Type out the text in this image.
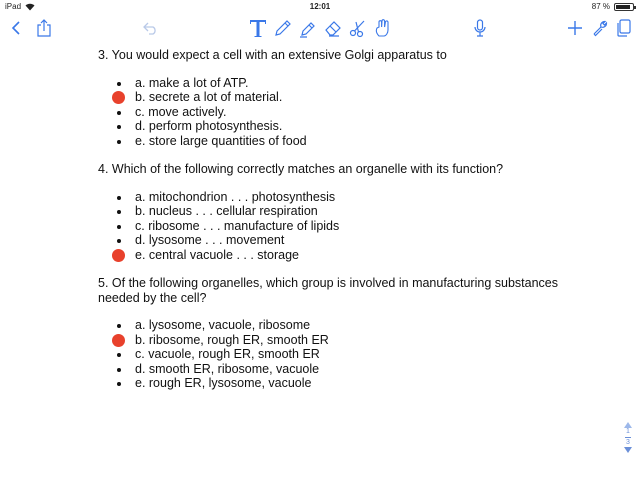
iPad	12:01	87 %
3. You would expect a cell with an extensive Golgi apparatus to
a. make a lot of ATP.
b. secrete a lot of material.
c. move actively.
d. perform photosynthesis.
e. store large quantities of food
4. Which of the following correctly matches an organelle with its function?
a. mitochondrion . . . photosynthesis
b. nucleus . . . cellular respiration
c. ribosome . . . manufacture of lipids
d. lysosome . . . movement
e. central vacuole . . . storage
5. Of the following organelles, which group is involved in manufacturing substances needed by the cell?
a. lysosome, vacuole, ribosome
b. ribosome, rough ER, smooth ER
c. vacuole, rough ER, smooth ER
d. smooth ER, ribosome, vacuole
e. rough ER, lysosome, vacuole
1
3
